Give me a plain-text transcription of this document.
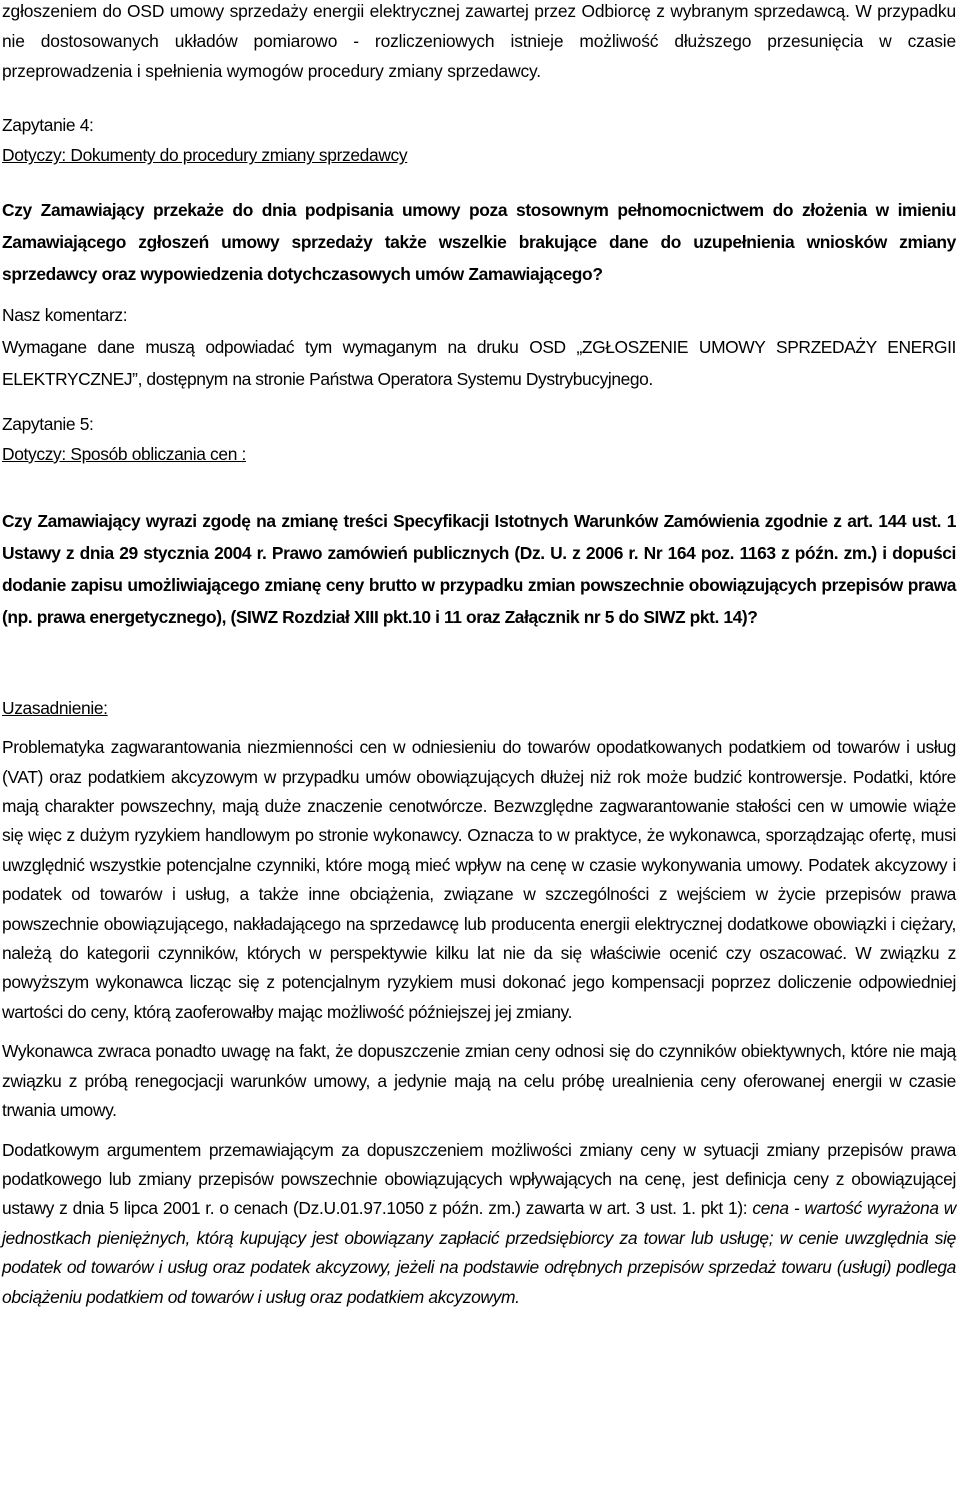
zgłoszeniem do OSD umowy sprzedaży energii elektrycznej zawartej przez Odbiorcę z wybranym sprzedawcą. W przypadku nie dostosowanych układów pomiarowo - rozliczeniowych istnieje możliwość dłuższego przesunięcia w czasie przeprowadzenia i spełnienia wymogów procedury zmiany sprzedawcy.

Zapytanie 4:

Dotyczy: Dokumenty do procedury zmiany sprzedawcy

Czy Zamawiający przekaże do dnia podpisania umowy poza stosownym pełnomocnictwem do złożenia w imieniu Zamawiającego zgłoszeń umowy sprzedaży także wszelkie brakujące dane do uzupełnienia wniosków zmiany sprzedawcy oraz wypowiedzenia dotychczasowych umów Zamawiającego?

Nasz komentarz:

Wymagane dane muszą odpowiadać tym wymaganym na druku OSD „ZGŁOSZENIE UMOWY SPRZEDAŻY ENERGII ELEKTRYCZNEJ”, dostępnym na stronie Państwa Operatora Systemu Dystrybucyjnego.

Zapytanie 5:

Dotyczy: Sposób obliczania cen :

Czy Zamawiający wyrazi zgodę na zmianę treści Specyfikacji Istotnych Warunków Zamówienia zgodnie z art. 144 ust. 1 Ustawy z dnia 29 stycznia 2004 r. Prawo zamówień publicznych (Dz. U. z 2006 r. Nr 164 poz. 1163 z późn. zm.) i dopuści dodanie zapisu umożliwiającego zmianę ceny brutto w przypadku zmian powszechnie obowiązujących przepisów prawa (np. prawa energetycznego), (SIWZ Rozdział XIII pkt.10 i 11 oraz Załącznik nr 5 do SIWZ pkt. 14)?

Uzasadnienie:

Problematyka zagwarantowania niezmienności cen w odniesieniu do towarów opodatkowanych podatkiem od towarów i usług (VAT) oraz podatkiem akcyzowym w przypadku umów obowiązujących dłużej niż rok może budzić kontrowersje. Podatki, które mają charakter powszechny, mają duże znaczenie cenotwórcze. Bezwzględne zagwarantowanie stałości cen w umowie wiąże się więc z dużym ryzykiem handlowym po stronie wykonawcy. Oznacza to w praktyce, że wykonawca, sporządzając ofertę, musi uwzględnić wszystkie potencjalne czynniki, które mogą mieć wpływ na cenę w czasie wykonywania umowy. Podatek akcyzowy i podatek od towarów i usług, a także inne obciążenia, związane w szczególności z wejściem w życie przepisów prawa powszechnie obowiązującego, nakładającego na sprzedawcę lub producenta energii elektrycznej dodatkowe obowiązki i ciężary, należą do kategorii czynników, których w perspektywie kilku lat nie da się właściwie ocenić czy oszacować. W związku z powyższym wykonawca licząc się z potencjalnym ryzykiem musi dokonać jego kompensacji poprzez doliczenie odpowiedniej wartości do ceny, którą zaoferowałby mając możliwość późniejszej jej zmiany.

Wykonawca zwraca ponadto uwagę na fakt, że dopuszczenie zmian ceny odnosi się do czynników obiektywnych, które nie mają związku z próbą renegocjacji warunków umowy, a jedynie mają na celu próbę urealnienia ceny oferowanej energii w czasie trwania umowy.

Dodatkowym argumentem przemawiającym za dopuszczeniem możliwości zmiany ceny w sytuacji zmiany przepisów prawa podatkowego lub zmiany przepisów powszechnie obowiązujących wpływających na cenę, jest definicja ceny z obowiązującej ustawy z dnia 5 lipca 2001 r. o cenach (Dz.U.01.97.1050 z późn. zm.) zawarta w art. 3 ust. 1. pkt 1): cena - wartość wyrażona w jednostkach pieniężnych, którą kupujący jest obowiązany zapłacić przedsiębiorcy za towar lub usługę; w cenie uwzględnia się podatek od towarów i usług oraz podatek akcyzowy, jeżeli na podstawie odrębnych przepisów sprzedaż towaru (usługi) podlega obciążeniu podatkiem od towarów i usług oraz podatkiem akcyzowym.
